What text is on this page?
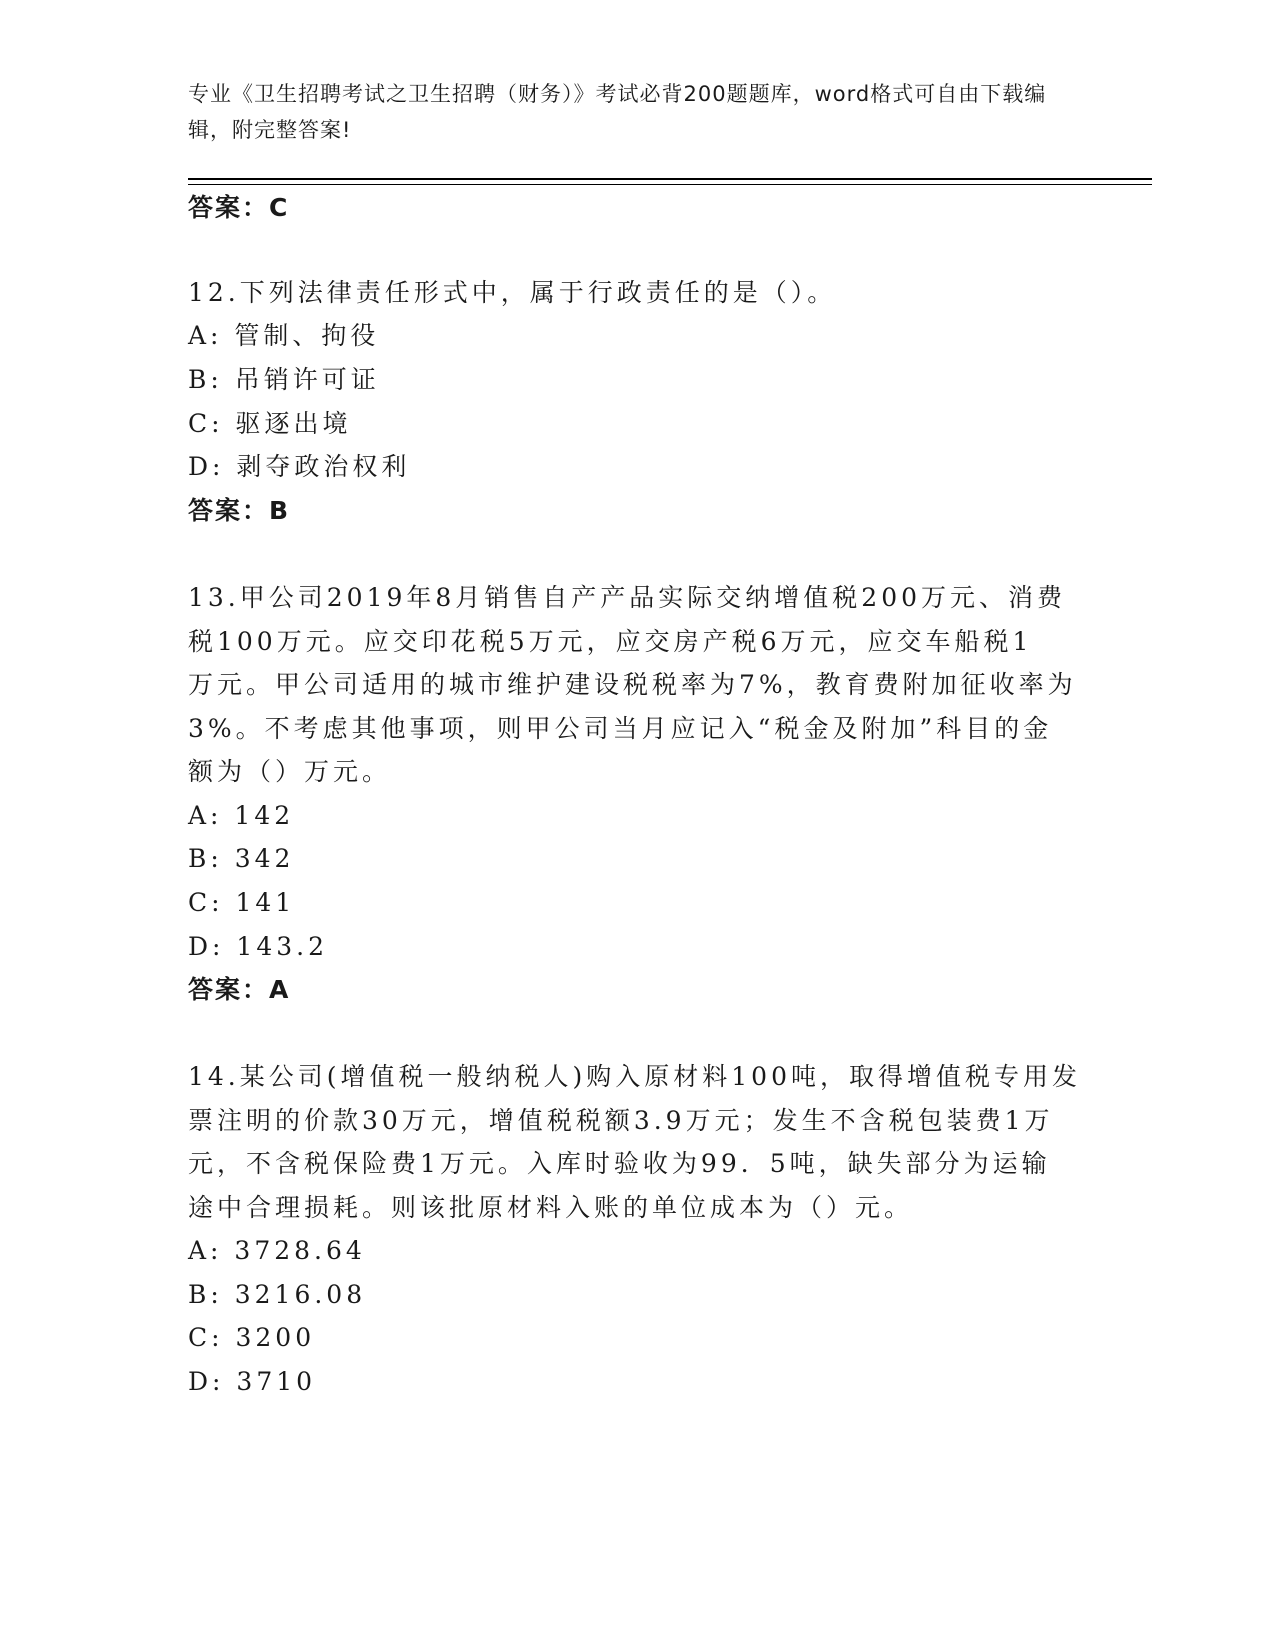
专业《卫生招聘考试之卫生招聘（财务）》考试必背200题题库，word格式可自由下载编辑，附完整答案!
答案：C
12.下列法律责任形式中，属于行政责任的是（）。
A: 管制、拘役
B: 吊销许可证
C: 驱逐出境
D: 剥夺政治权利
答案：B
13.甲公司2019年8月销售自产产品实际交纳增值税200万元、消费
税100万元。应交印花税5万元，应交房产税6万元，应交车船税1
万元。甲公司适用的城市维护建设税税率为7%，教育费附加征收率为
3%。不考虑其他事项，则甲公司当月应记入“税金及附加”科目的金
额为（）万元。
A: 142
B: 342
C: 141
D: 143.2
答案：A
14.某公司(增值税一般纳税人)购入原材料100吨，取得增值税专用发
票注明的价款30万元，增值税税额3.9万元；发生不含税包装费1万
元，不含税保险费1万元。入库时验收为99．5吨，缺失部分为运输
途中合理损耗。则该批原材料入账的单位成本为（）元。
A: 3728.64
B: 3216.08
C: 3200
D: 3710
